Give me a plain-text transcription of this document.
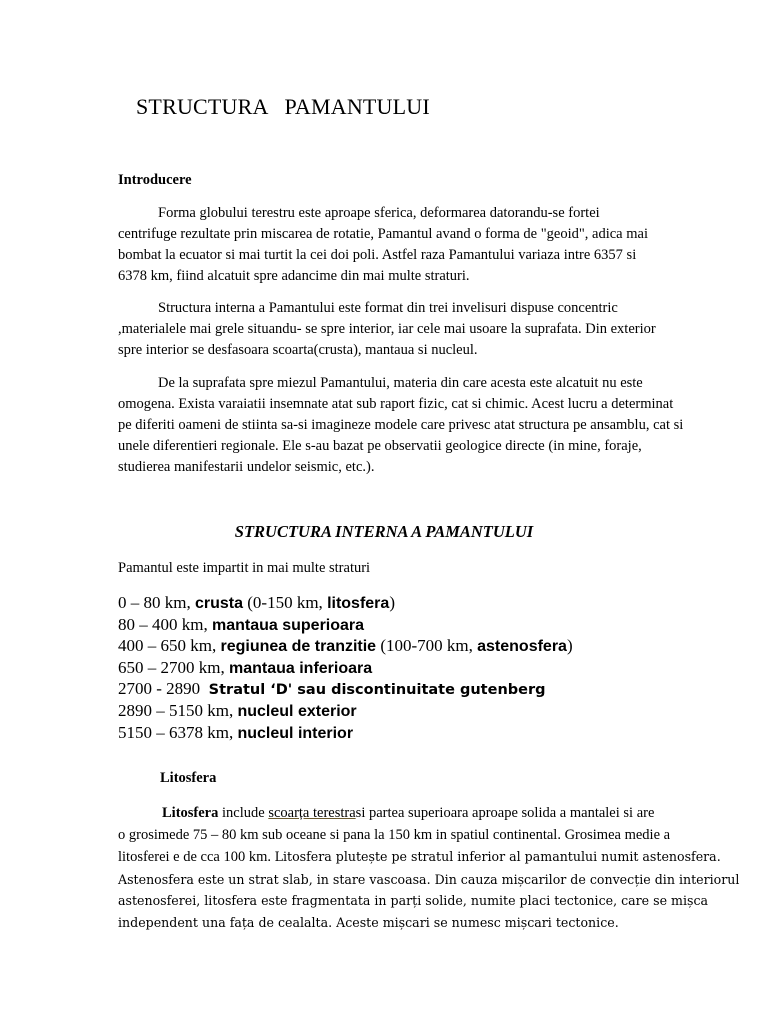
STRUCTURA   PAMANTULUI
Introducere

Forma globului terestru este aproape sferica, deformarea datorandu-se fortei
centrifuge rezultate prin miscarea de rotatie, Pamantul avand o forma de "geoid", adica mai
bombat la ecuator si mai turtit la cei doi poli. Astfel raza Pamantului variaza intre 6357 si
6378 km, fiind alcatuit spre adancime din mai multe straturi.

Structura interna a Pamantului este format din trei invelisuri dispuse concentric
,materialele mai grele situandu- se spre interior, iar cele mai usoare la suprafata. Din exterior
spre interior se desfasoara scoarta(crusta), mantaua si nucleul.

De la suprafata spre miezul Pamantului, materia din care acesta este alcatuit nu este
omogena. Exista varaiatii insemnate atat sub raport fizic, cat si chimic. Acest lucru a determinat
pe diferiti oameni de stiinta sa-si imagineze modele care privesc atat structura pe ansamblu, cat si
unele diferentieri regionale. Ele s-au bazat pe observatii geologice directe (in mine, foraje,
studierea manifestarii undelor seismic, etc.).

STRUCTURA INTERNA A PAMANTULUI
Pamantul este impartit in mai multe straturi
0 – 80 km, crusta (0-150 km, litosfera)
80 – 400 km, mantaua superioara
400 – 650 km, regiunea de tranzitie (100-700 km, astenosfera)
650 – 2700 km, mantaua inferioara
2700 - 2890  Stratul ‘D' sau discontinuitate gutenberg
2890 – 5150 km, nucleul exterior
5150 – 6378 km, nucleul interior
Litosfera

Litosfera include scoarța terestrasi partea superioara aproape solida a mantalei si are
o grosimede 75 – 80 km sub oceane si pana la 150 km in spatiul continental. Grosimea medie a
litosferei e de cca 100 km. Litosfera plutește pe stratul inferior al pamantului numit astenosfera.
Astenosfera este un strat slab, in stare vascoasa. Din cauza mișcarilor de convecție din interiorul
astenosferei, litosfera este fragmentata in parți solide, numite placi tectonice, care se mișca
independent una fața de cealalta. Aceste mișcari se numesc mișcari tectonice.
